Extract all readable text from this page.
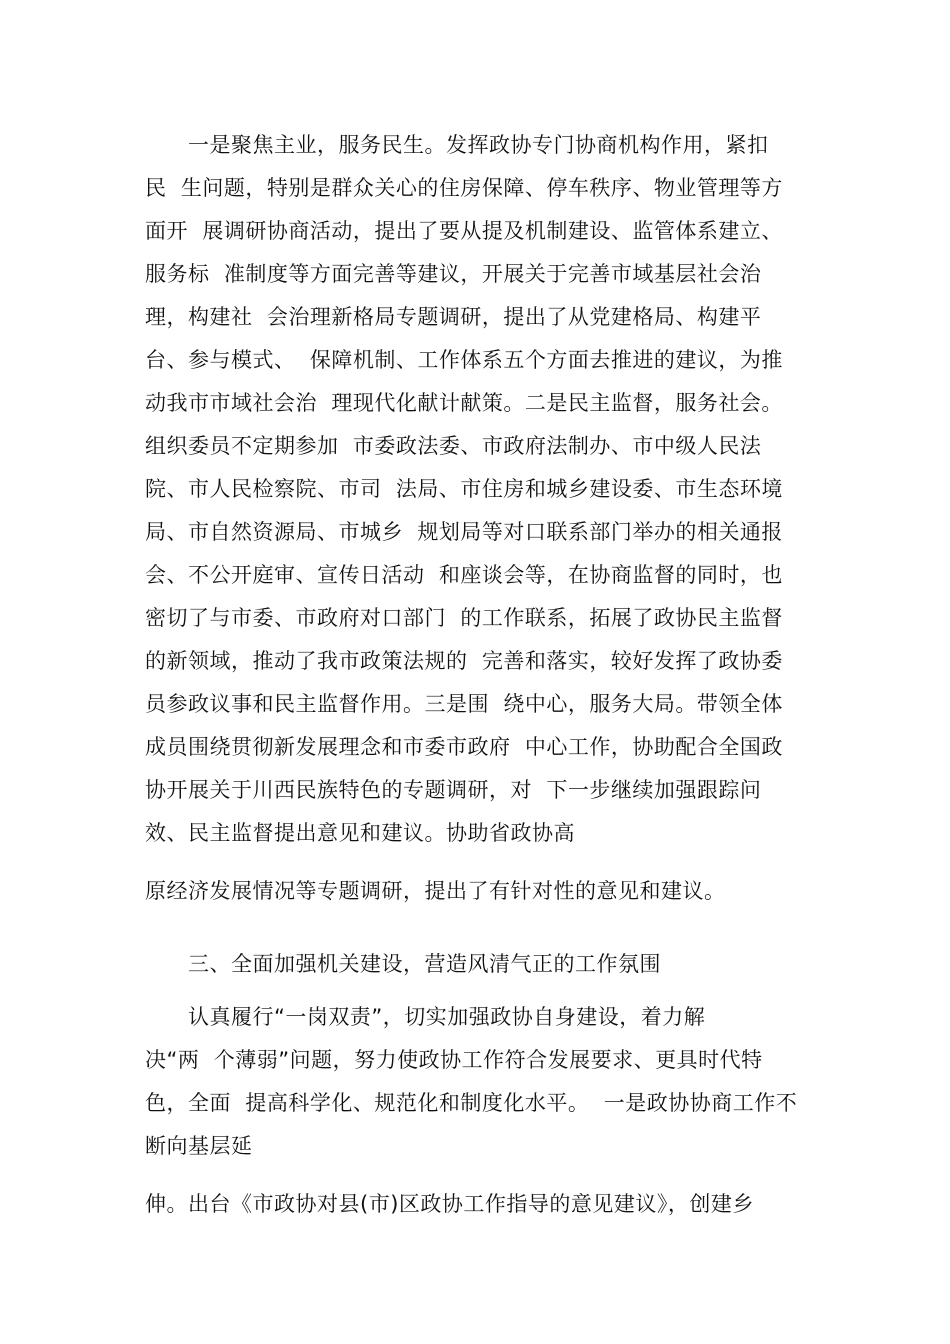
一是聚焦主业，服务民生。发挥政协专门协商机构作用，紧扣
民  生问题，特别是群众关心的住房保障、停车秩序、物业管理等方
面开  展调研协商活动，提出了要从提及机制建设、监管体系建立、
服务标  准制度等方面完善等建议，开展关于完善市域基层社会治
理，构建社  会治理新格局专题调研，提出了从党建格局、构建平
台、参与模式、  保障机制、工作体系五个方面去推进的建议，为推
动我市市域社会治  理现代化献计献策。二是民主监督，服务社会。
组织委员不定期参加  市委政法委、市政府法制办、市中级人民法
院、市人民检察院、市司  法局、市住房和城乡建设委、市生态环境
局、市自然资源局、市城乡  规划局等对口联系部门举办的相关通报
会、不公开庭审、宣传日活动  和座谈会等，在协商监督的同时，也
密切了与市委、市政府对口部门  的工作联系，拓展了政协民主监督
的新领域，推动了我市政策法规的  完善和落实，较好发挥了政协委
员参政议事和民主监督作用。三是围  绕中心，服务大局。带领全体
成员围绕贯彻新发展理念和市委市政府  中心工作，协助配合全国政
协开展关于川西民族特色的专题调研，对  下一步继续加强跟踪问
效、民主监督提出意见和建议。协助省政协高
原经济发展情况等专题调研，提出了有针对性的意见和建议。
三、全面加强机关建设，营造风清气正的工作氛围
认真履行“一岗双责”，切实加强政协自身建设，着力解
决“两  个薄弱”问题，努力使政协工作符合发展要求、更具时代特
色，全面  提高科学化、规范化和制度化水平。  一是政协协商工作不
断向基层延
伸。出台《市政协对县(市)区政协工作指导的意见建议》，创建乡
